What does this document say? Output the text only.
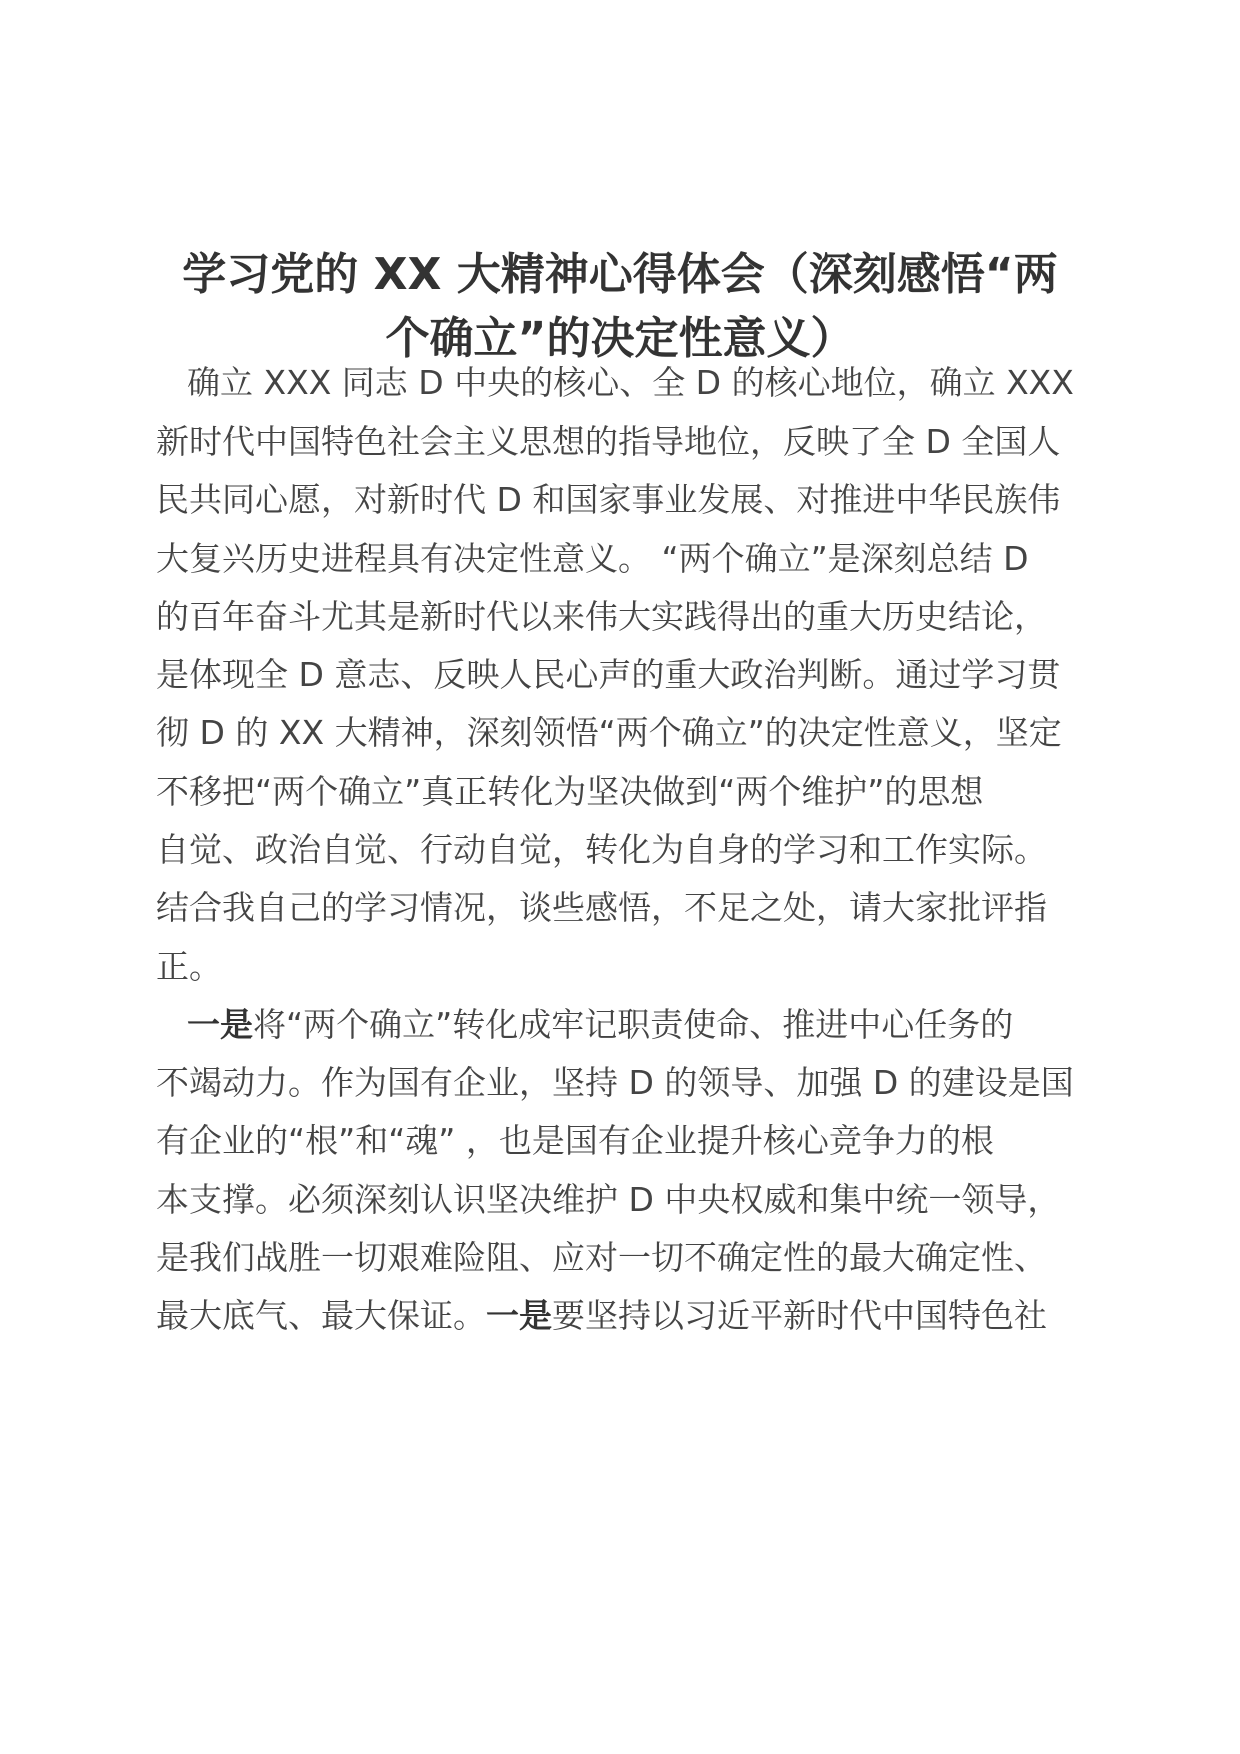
学习党的 XX 大精神心得体会（深刻感悟“两
个确立”的决定性意义）

确立 XXX 同志 D 中央的核心、全 D 的核心地位，确立 XXX

新时代中国特色社会主义思想的指导地位，反映了全 D 全国人

民共同心愿，对新时代 D 和国家事业发展、对推进中华民族伟

大复兴历史进程具有决定性意义。 “两个确立”是深刻总结 D

的百年奋斗尤其是新时代以来伟大实践得出的重大历史结论，

是体现全 D 意志、反映人民心声的重大政治判断。通过学习贯

彻 D 的 XX 大精神，深刻领悟“两个确立”的决定性意义，坚定

不移把“两个确立”真正转化为坚决做到“两个维护”的思想

自觉、政治自觉、行动自觉，转化为自身的学习和工作实际。

结合我自己的学习情况，谈些感悟，不足之处，请大家批评指

正。

一是将“两个确立”转化成牢记职责使命、推进中心任务的

不竭动力。作为国有企业，坚持 D 的领导、加强 D 的建设是国

有企业的“根”和“魂” ，也是国有企业提升核心竞争力的根

本支撑。必须深刻认识坚决维护 D 中央权威和集中统一领导，

是我们战胜一切艰难险阻、应对一切不确定性的最大确定性、

最大底气、最大保证。一是要坚持以习近平新时代中国特色社
